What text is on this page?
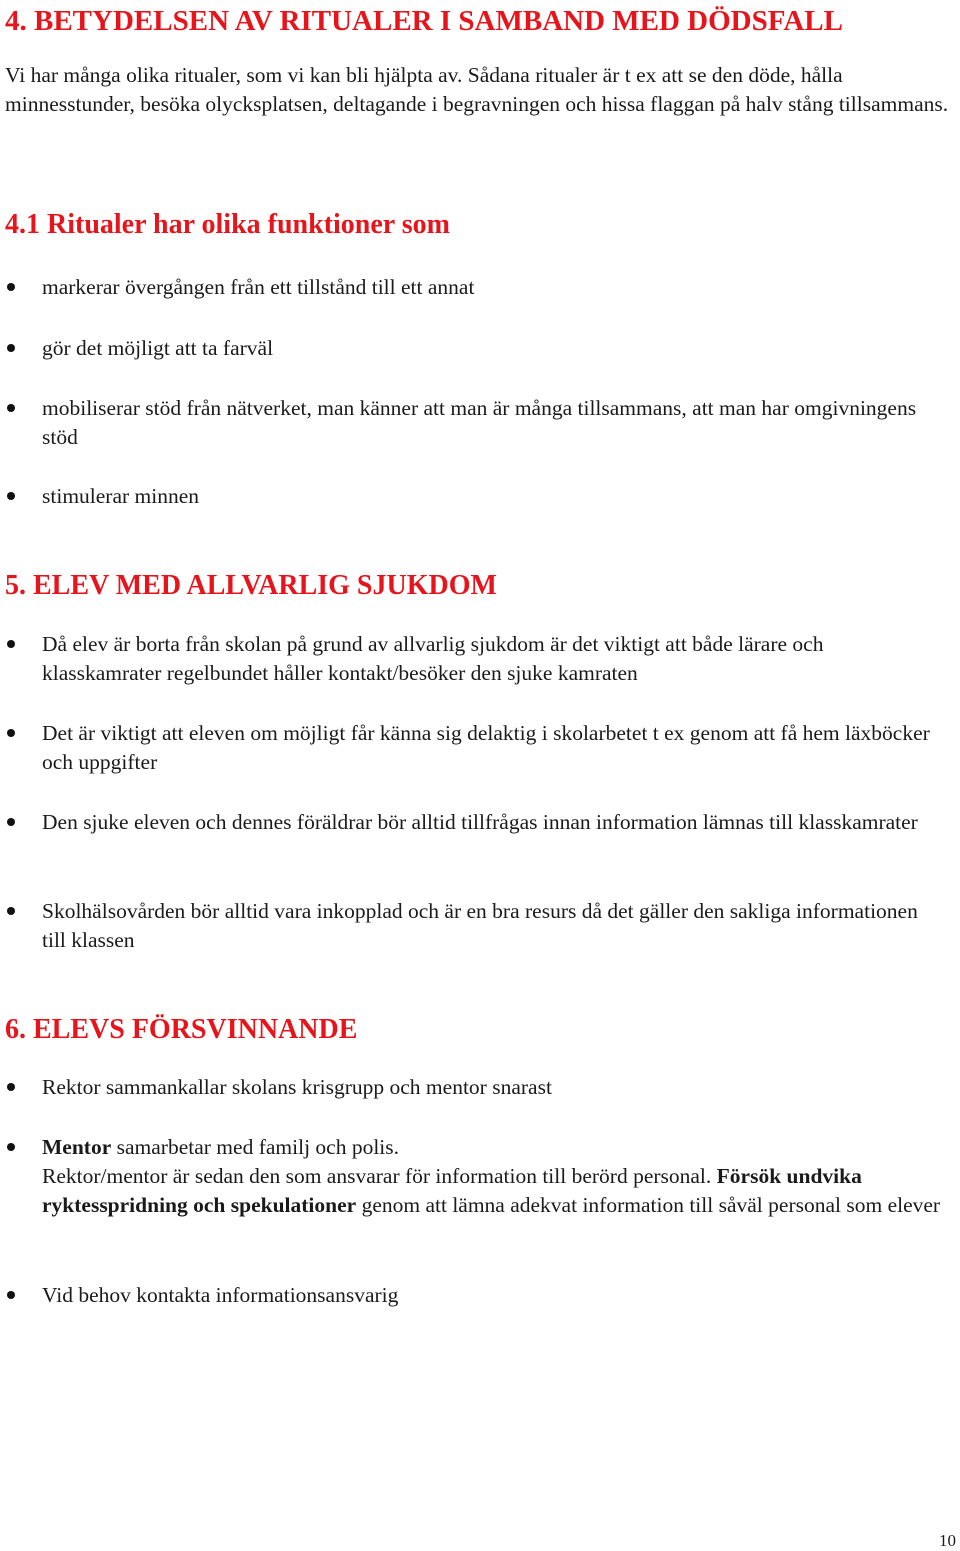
4. BETYDELSEN AV RITUALER I SAMBAND MED DÖDSFALL

Vi har många olika ritualer, som vi kan bli hjälpta av. Sådana ritualer är t ex att se den döde, hålla minnesstunder, besöka olycksplatsen, deltagande i begravningen och hissa flaggan på halv stång tillsammans.

4.1 Ritualer har olika funktioner som

markerar övergången från ett tillstånd till ett annat

gör det möjligt att ta farväl

mobiliserar stöd från nätverket, man känner att man är många tillsammans, att man har omgivningens stöd

stimulerar minnen

5. ELEV MED ALLVARLIG SJUKDOM

Då elev är borta från skolan på grund av allvarlig sjukdom är det viktigt att både lärare och klasskamrater regelbundet håller kontakt/besöker den sjuke kamraten

Det är viktigt att eleven om möjligt får känna sig delaktig i skolarbetet t ex genom att få hem läxböcker och uppgifter

Den sjuke eleven och dennes föräldrar bör alltid tillfrågas innan information lämnas till klasskamrater

Skolhälsovården bör alltid vara inkopplad och är en bra resurs då det gäller den sakliga informationen till klassen

6. ELEVS FÖRSVINNANDE

Rektor sammankallar skolans krisgrupp och mentor snarast

Mentor samarbetar med familj och polis.
Rektor/mentor är sedan den som ansvarar för information till berörd personal. Försök undvika ryktesspridning och spekulationer genom att lämna adekvat information till såväl personal som elever

Vid behov kontakta informationsansvarig

10
